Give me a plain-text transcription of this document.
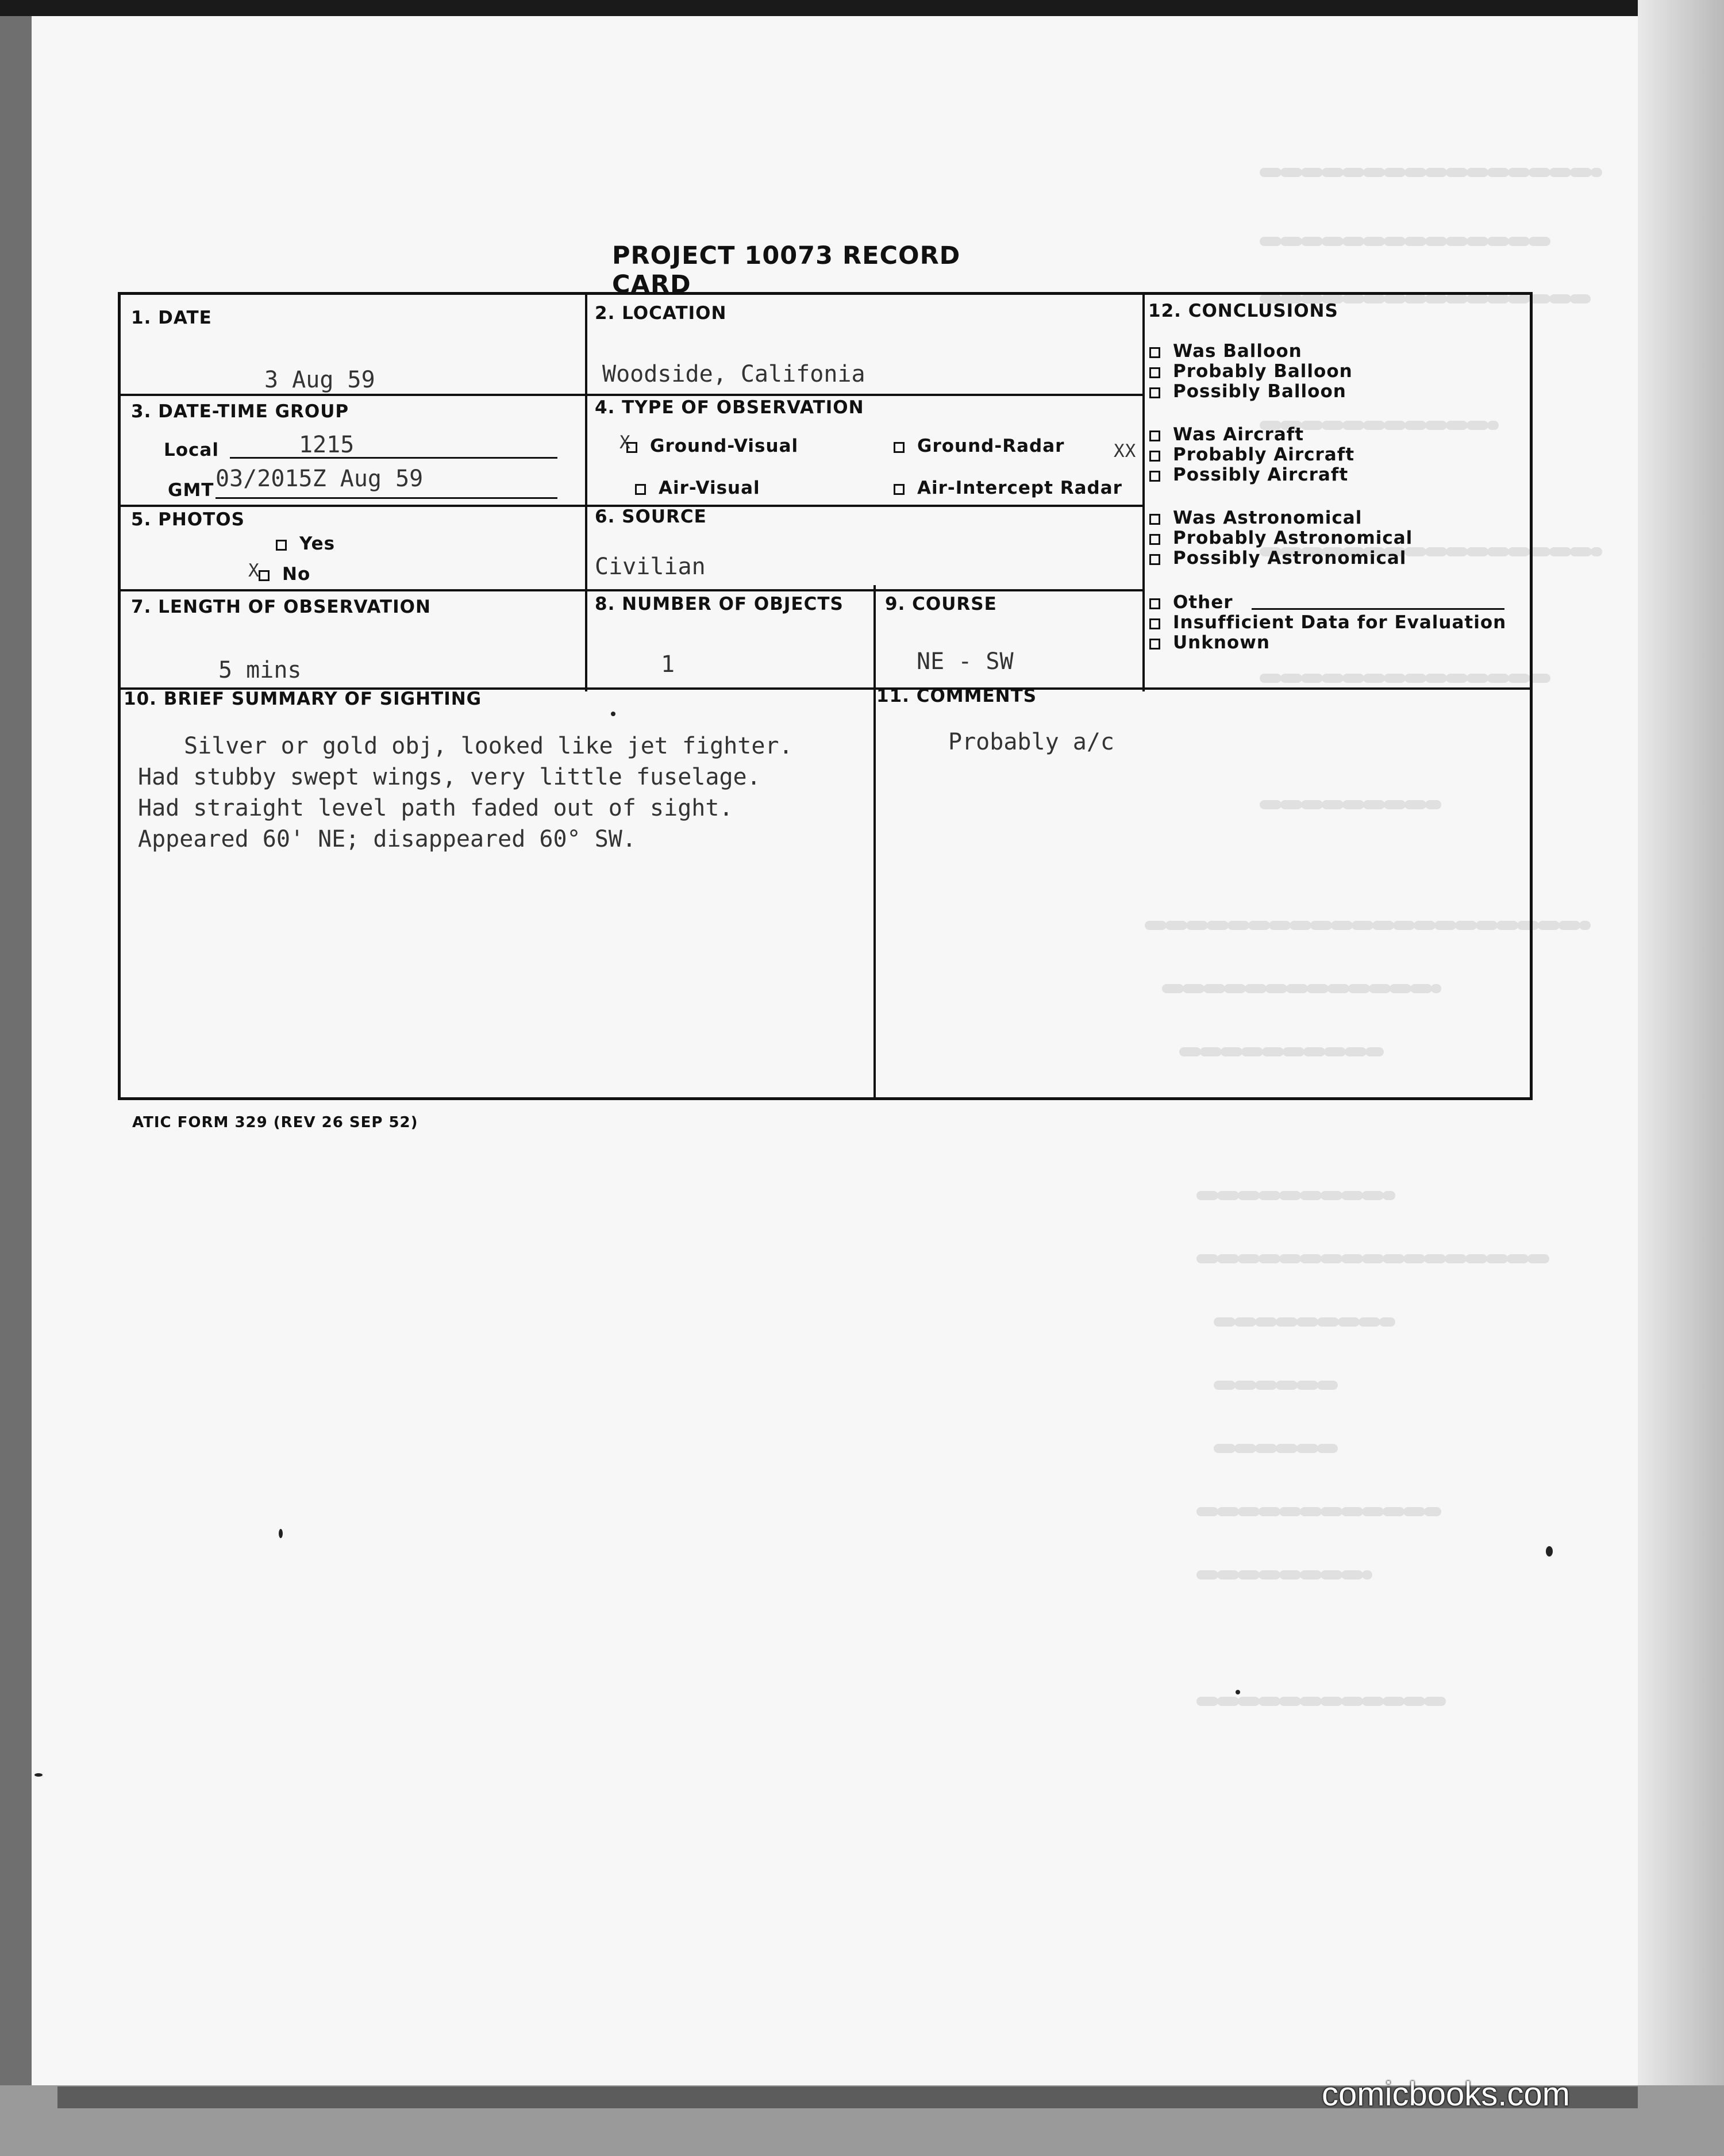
PROJECT 10073 RECORD CARD
1. DATE
3 Aug 59
2. LOCATION
Woodside, Califonia
3. DATE-TIME GROUP
Local	1215
GMT 03/2015Z Aug 59
4. TYPE OF OBSERVATION
X Ground-Visual	Ground-Radar
Air-Visual	Air-Intercept Radar
5. PHOTOS
Yes
X No
6. SOURCE
Civilian
7. LENGTH OF OBSERVATION
5 mins
8. NUMBER OF OBJECTS
1
9. COURSE
NE - SW
10. BRIEF SUMMARY OF SIGHTING
Silver or gold obj, looked like jet fighter.
Had stubby swept wings, very little fuselage.
Had straight level path faded out of sight.
Appeared 60' NE; disappeared 60° SW.
11. COMMENTS
Probably a/c
12. CONCLUSIONS
Was Balloon
Probably Balloon
Possibly Balloon
Was Aircraft
XX Probably Aircraft
Possibly Aircraft
Was Astronomical
Probably Astronomical
Possibly Astronomical
Other
Insufficient Data for Evaluation
Unknown
ATIC FORM 329 (REV 26 SEP 52)
comicbooks.com
